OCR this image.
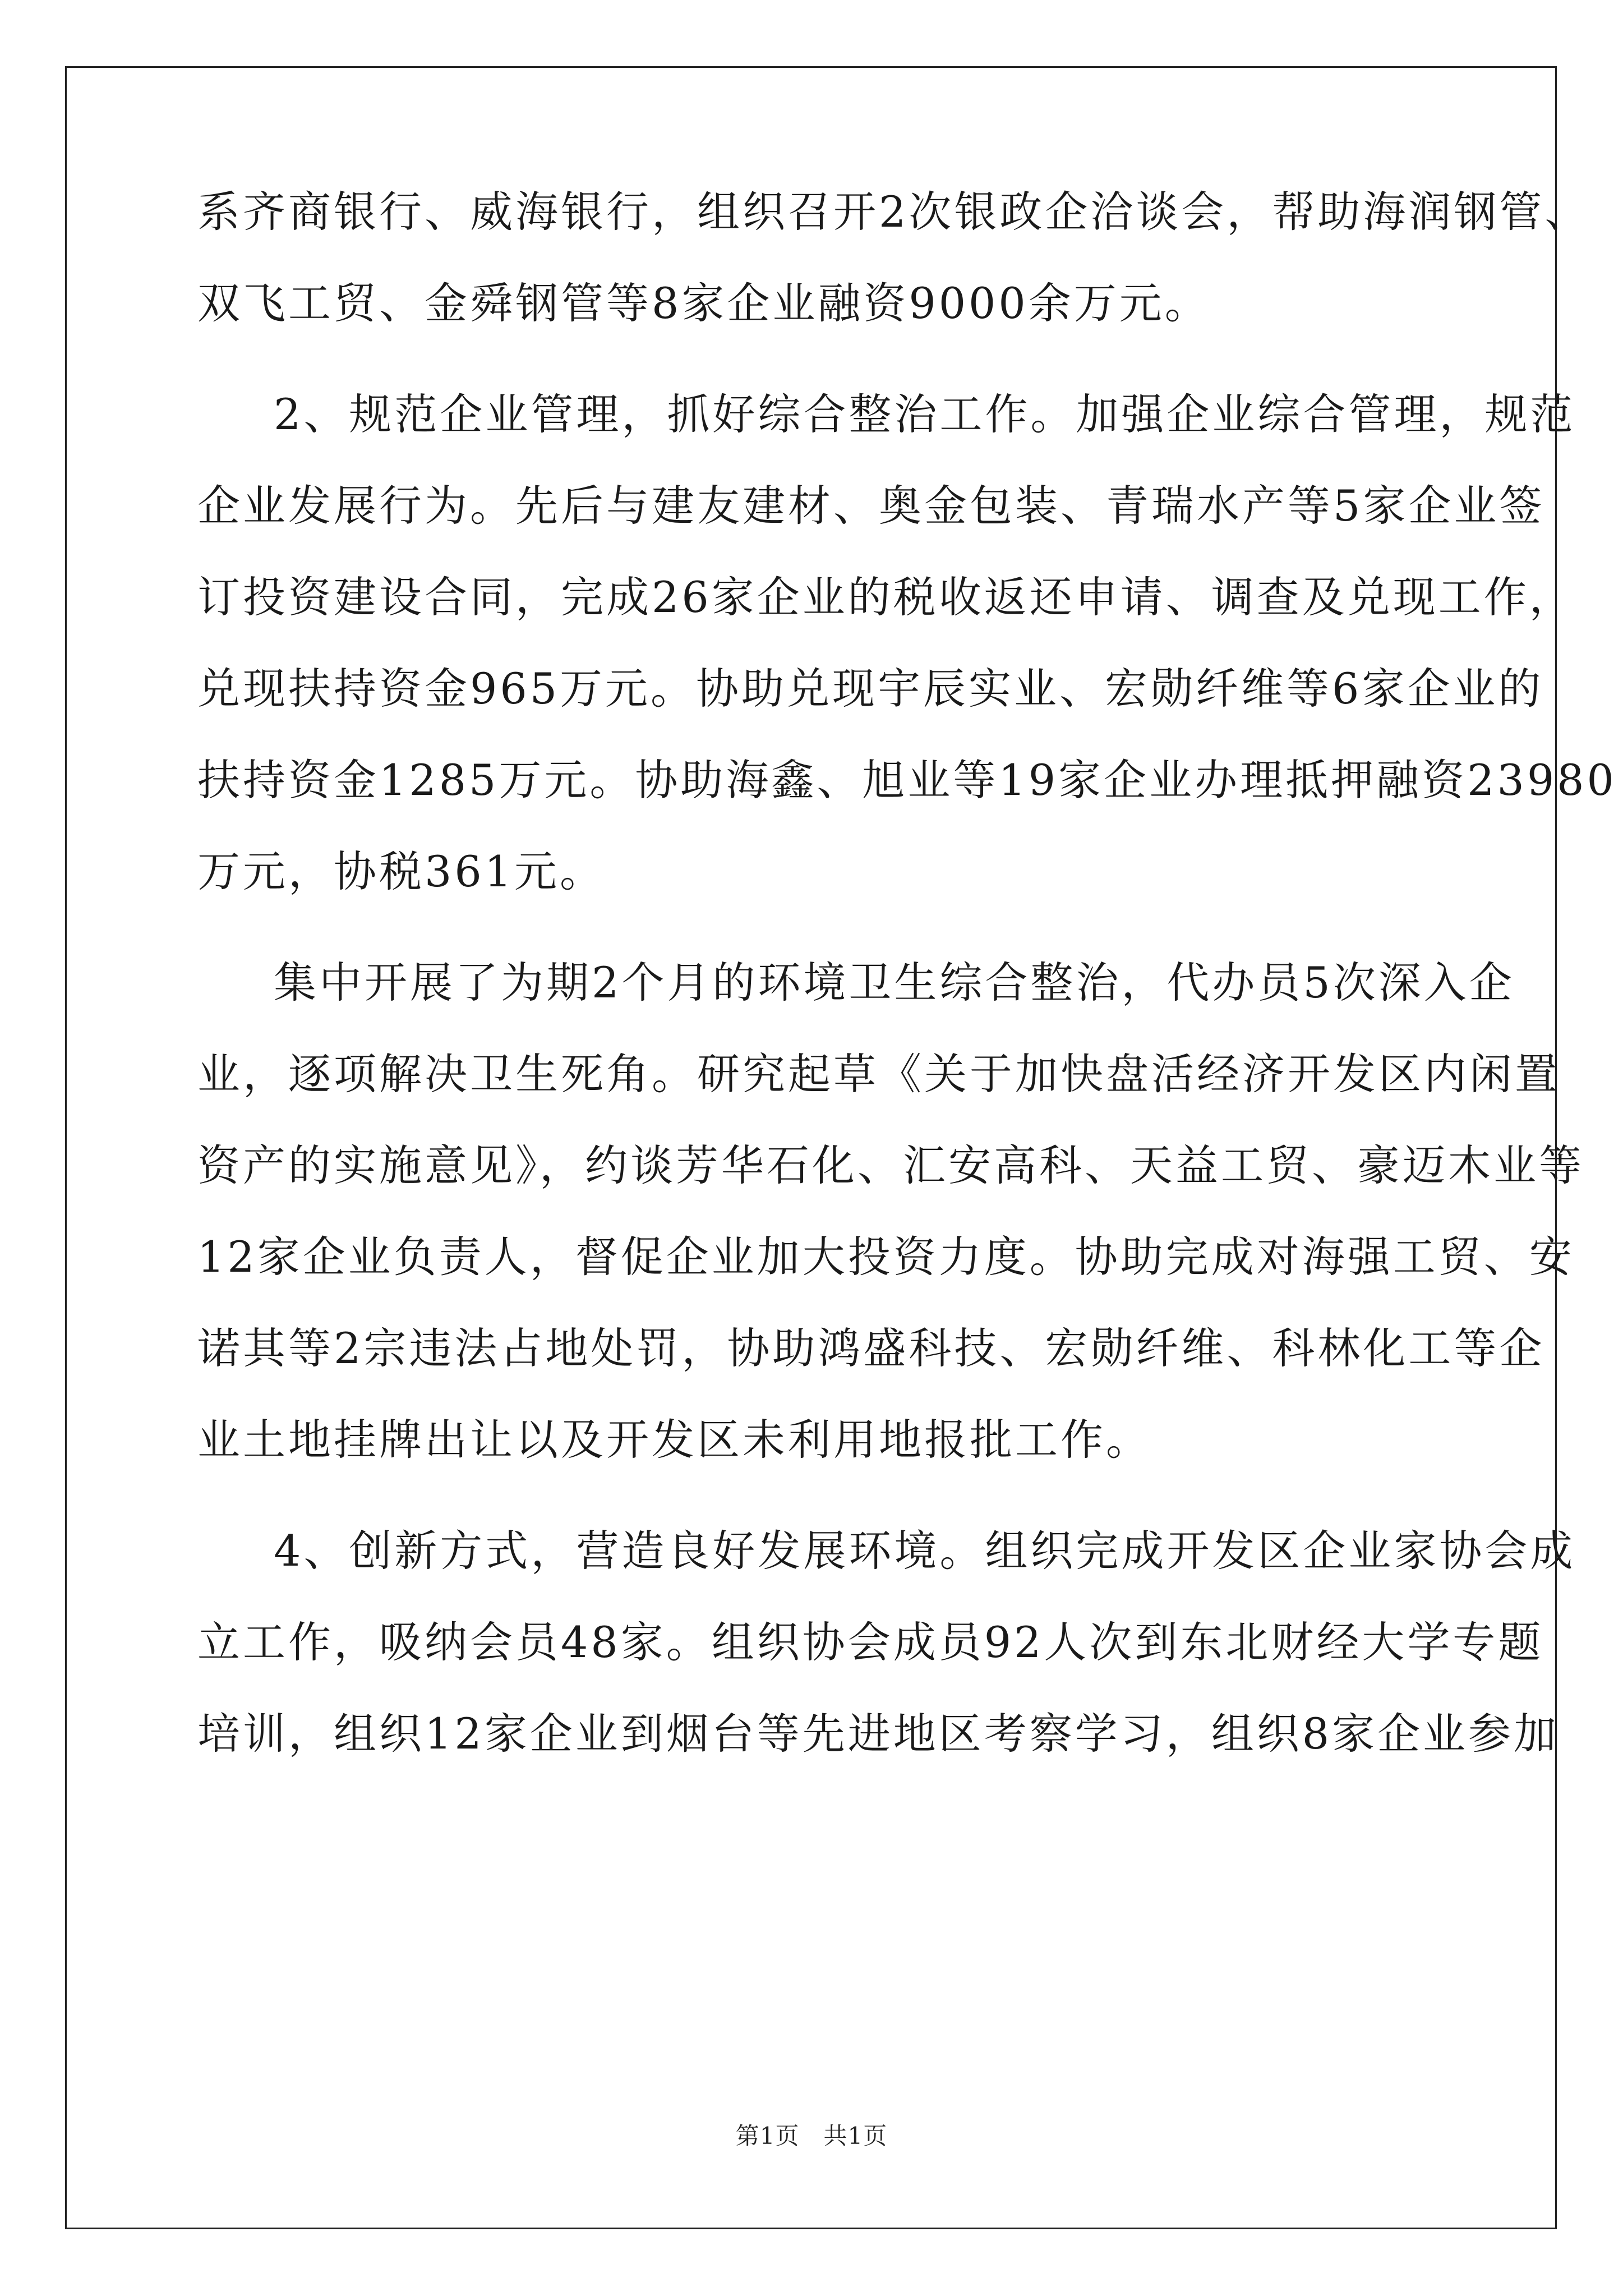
系齐商银行、威海银行，组织召开2次银政企洽谈会，帮助海润钢管、
双飞工贸、金舜钢管等8家企业融资9000余万元。
2、规范企业管理，抓好综合整治工作。加强企业综合管理，规范
企业发展行为。先后与建友建材、奥金包装、青瑞水产等5家企业签
订投资建设合同，完成26家企业的税收返还申请、调查及兑现工作，
兑现扶持资金965万元。协助兑现宇辰实业、宏勋纤维等6家企业的
扶持资金1285万元。协助海鑫、旭业等19家企业办理抵押融资23980
万元，协税361元。
集中开展了为期2个月的环境卫生综合整治，代办员5次深入企
业，逐项解决卫生死角。研究起草《关于加快盘活经济开发区内闲置
资产的实施意见》，约谈芳华石化、汇安高科、天益工贸、豪迈木业等
12家企业负责人，督促企业加大投资力度。协助完成对海强工贸、安
诺其等2宗违法占地处罚，协助鸿盛科技、宏勋纤维、科林化工等企
业土地挂牌出让以及开发区未利用地报批工作。
4、创新方式，营造良好发展环境。组织完成开发区企业家协会成
立工作，吸纳会员48家。组织协会成员92人次到东北财经大学专题
培训，组织12家企业到烟台等先进地区考察学习，组织8家企业参加
第1页　共1页
